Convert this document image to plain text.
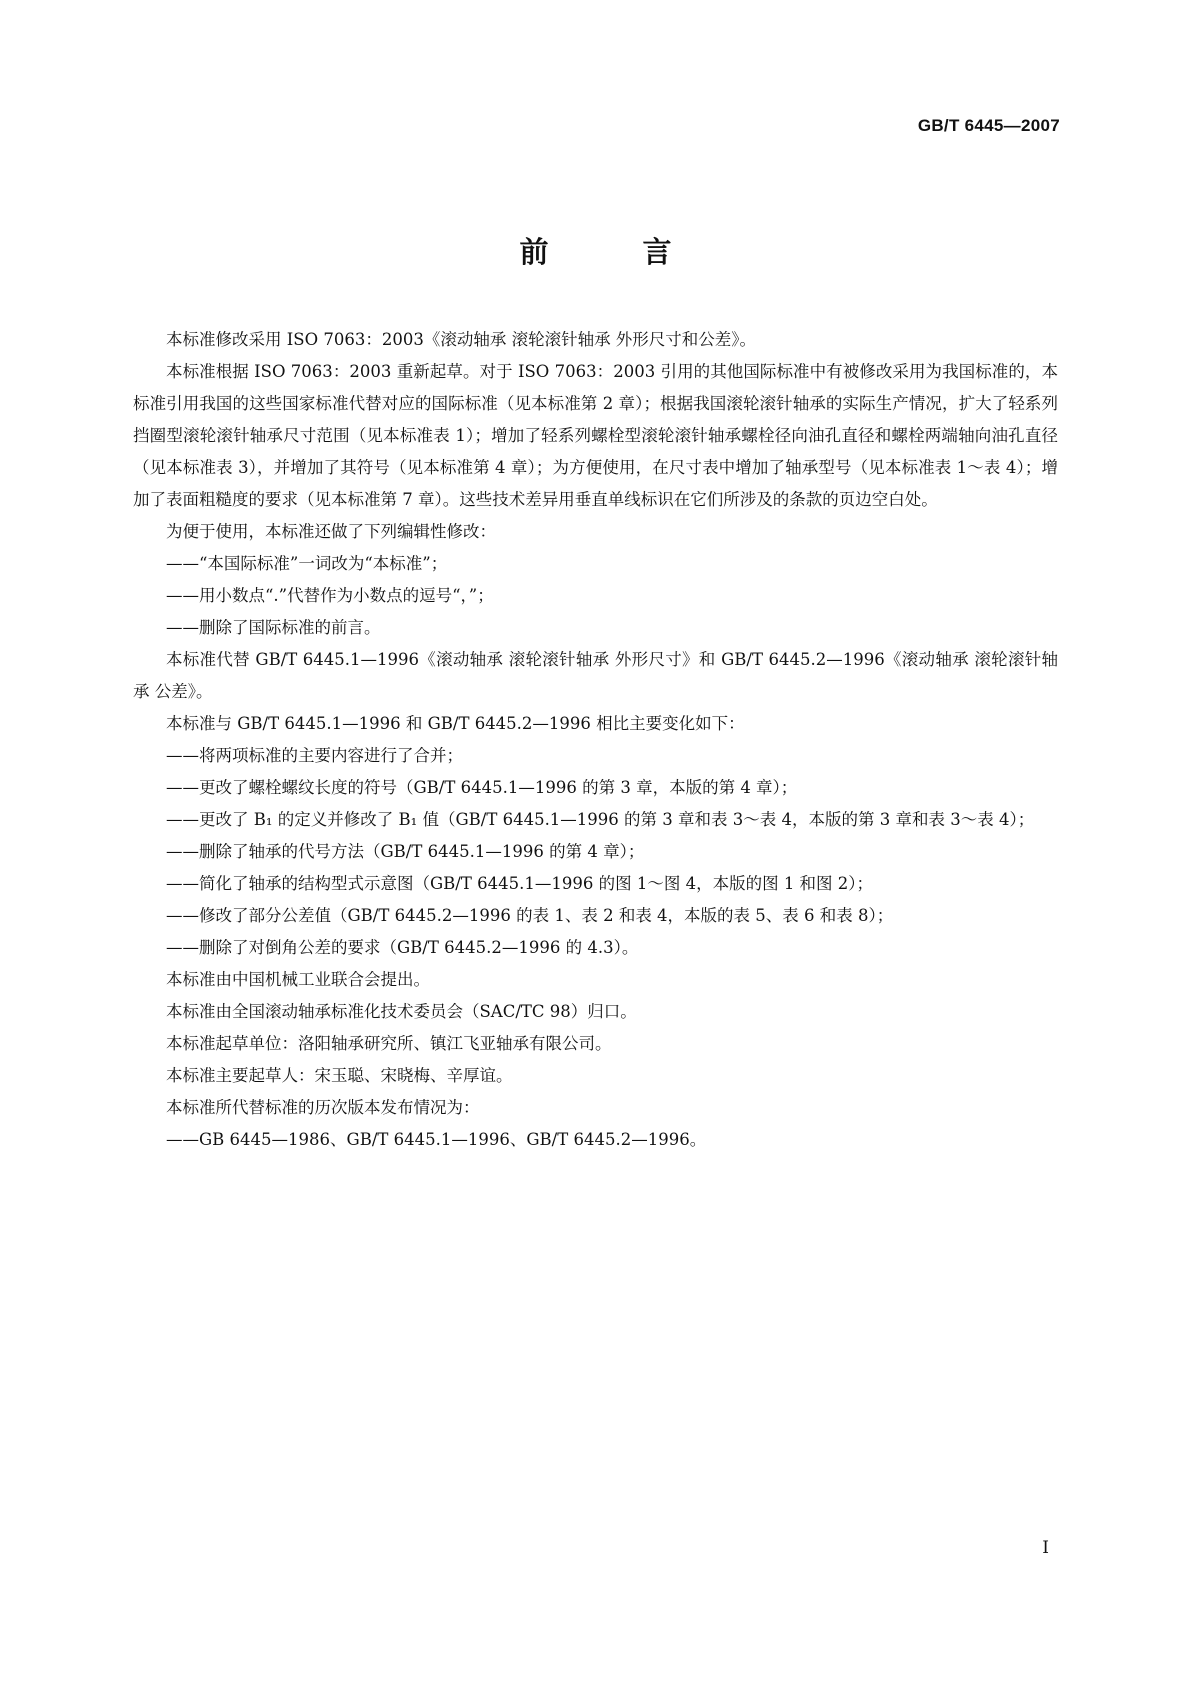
GB/T 6445—2007
前 言

本标准修改采用 ISO 7063：2003《滚动轴承 滚轮滚针轴承 外形尺寸和公差》。

本标准根据 ISO 7063：2003 重新起草。对于 ISO 7063：2003 引用的其他国际标准中有被修改采用为我国标准的，本标准引用我国的这些国家标准代替对应的国际标准（见本标准第 2 章）；根据我国滚轮滚针轴承的实际生产情况，扩大了轻系列挡圈型滚轮滚针轴承尺寸范围（见本标准表 1）；增加了轻系列螺栓型滚轮滚针轴承螺栓径向油孔直径和螺栓两端轴向油孔直径（见本标准表 3），并增加了其符号（见本标准第 4 章）；为方便使用，在尺寸表中增加了轴承型号（见本标准表 1～表 4）；增加了表面粗糙度的要求（见本标准第 7 章）。这些技术差异用垂直单线标识在它们所涉及的条款的页边空白处。

为便于使用，本标准还做了下列编辑性修改：

——“本国际标准”一词改为“本标准”；

——用小数点“.”代替作为小数点的逗号“，”；

——删除了国际标准的前言。

本标准代替 GB/T 6445.1—1996《滚动轴承 滚轮滚针轴承 外形尺寸》和 GB/T 6445.2—1996《滚动轴承 滚轮滚针轴承 公差》。

本标准与 GB/T 6445.1—1996 和 GB/T 6445.2—1996 相比主要变化如下：

——将两项标准的主要内容进行了合并；

——更改了螺栓螺纹长度的符号（GB/T 6445.1—1996 的第 3 章，本版的第 4 章）；

——更改了 B₁ 的定义并修改了 B₁ 值（GB/T 6445.1—1996 的第 3 章和表 3～表 4，本版的第 3 章和表 3～表 4）；

——删除了轴承的代号方法（GB/T 6445.1—1996 的第 4 章）；

——简化了轴承的结构型式示意图（GB/T 6445.1—1996 的图 1～图 4，本版的图 1 和图 2）；

——修改了部分公差值（GB/T 6445.2—1996 的表 1、表 2 和表 4，本版的表 5、表 6 和表 8）；

——删除了对倒角公差的要求（GB/T 6445.2—1996 的 4.3）。

本标准由中国机械工业联合会提出。

本标准由全国滚动轴承标准化技术委员会（SAC/TC 98）归口。

本标准起草单位：洛阳轴承研究所、镇江飞亚轴承有限公司。

本标准主要起草人：宋玉聪、宋晓梅、辛厚谊。

本标准所代替标准的历次版本发布情况为：

——GB 6445—1986、GB/T 6445.1—1996、GB/T 6445.2—1996。

I
